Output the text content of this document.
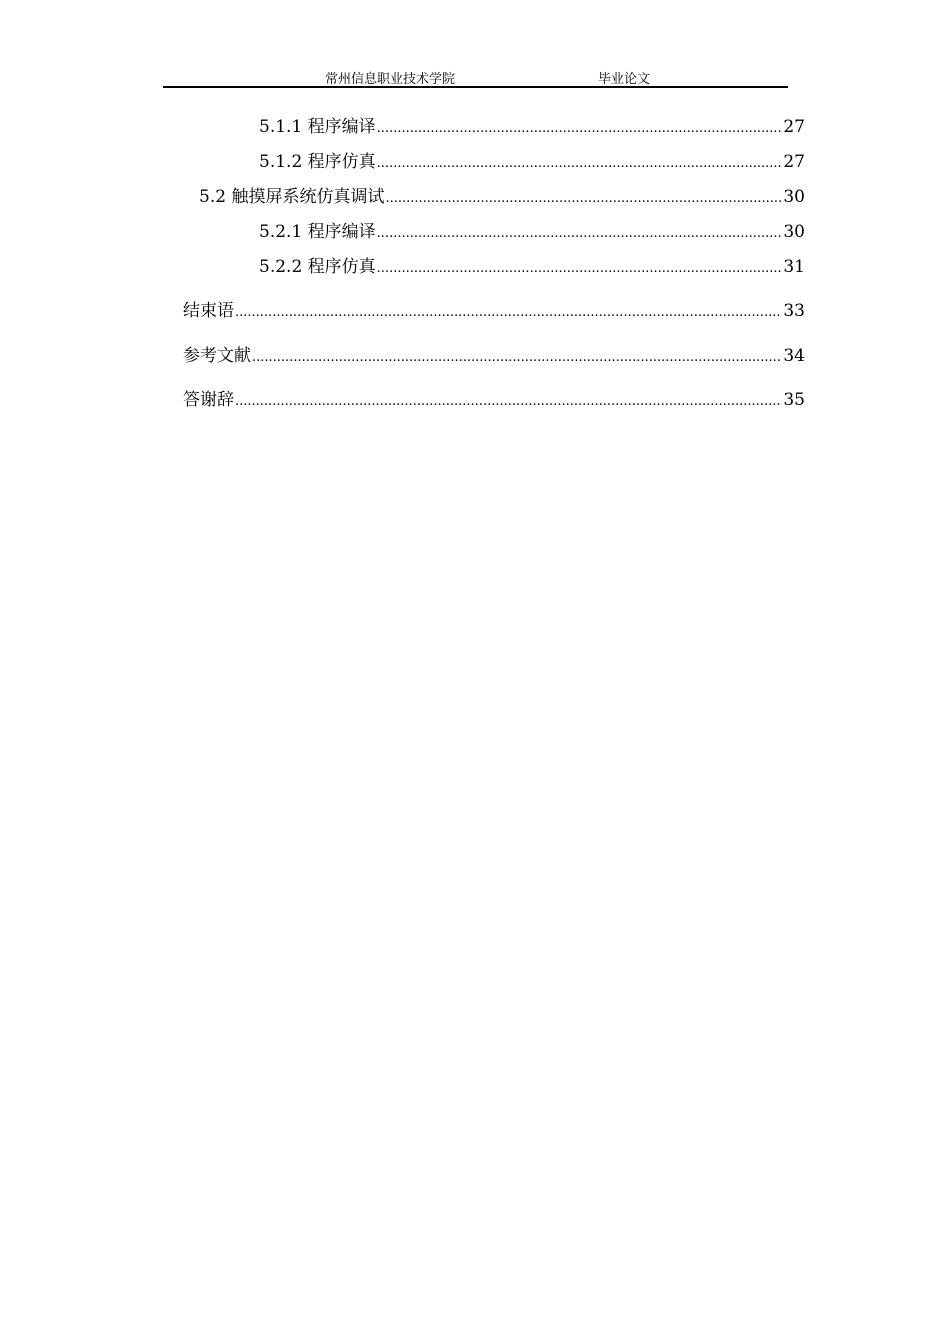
常州信息职业技术学院	毕业论文
5.1.1 程序编译 .....	27
5.1.2 程序仿真 .....	27
5.2 触摸屏系统仿真调试 .....	30
5.2.1 程序编译 .....	30
5.2.2 程序仿真 .....	31
结束语 .....	33
参考文献 .....	34
答谢辞 .....	35
